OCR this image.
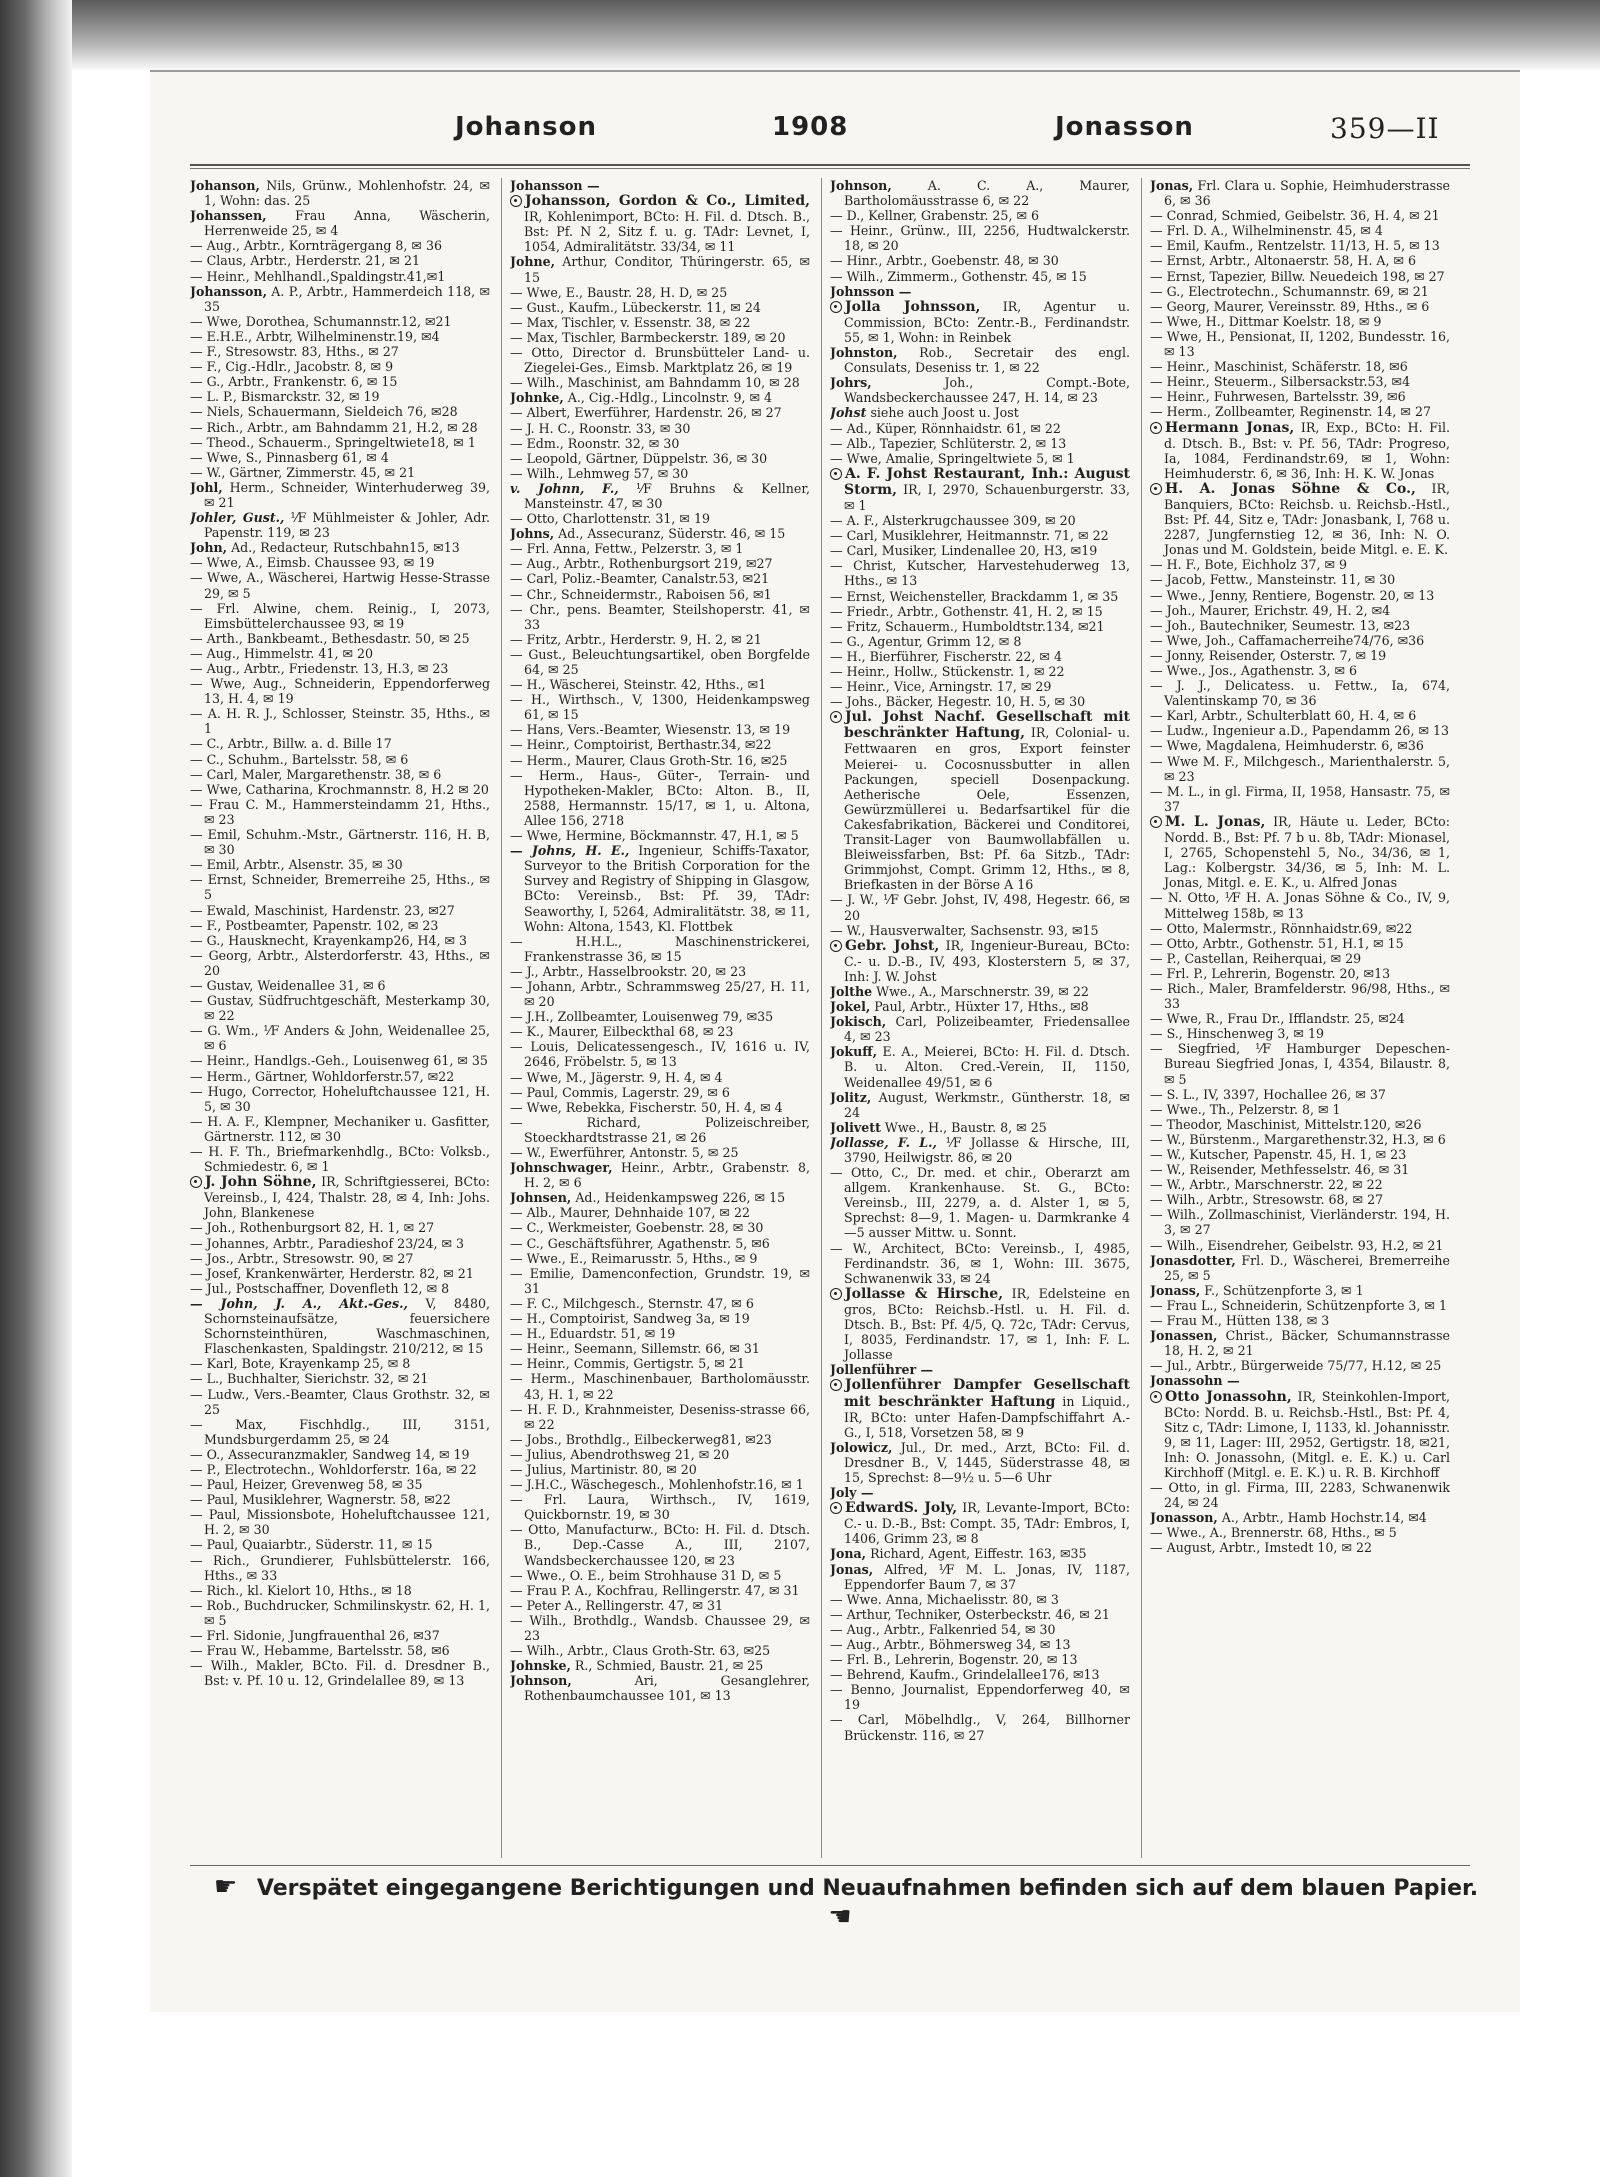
Johanson	1908	Jonasson	359—II

Johanson, Nils, Grünw., Mohlenhofstr. 24, ✉ 1, Wohn: das. 25

Johanssen, Frau Anna, Wäscherin, Herrenweide 25, ✉ 4

— Aug., Arbtr., Kornträgergang 8, ✉ 36

— Claus, Arbtr., Herderstr. 21, ✉ 21

— Heinr., Mehlhandl.,Spaldingstr.41,✉1

Johansson, A. P., Arbtr., Hammerdeich 118, ✉ 35

— Wwe, Dorothea, Schumannstr.12, ✉21

— E.H.E., Arbtr, Wilhelminenstr.19, ✉4

— F., Stresowstr. 83, Hths., ✉ 27

— F., Cig.-Hdlr., Jacobstr. 8, ✉ 9

— G., Arbtr., Frankenstr. 6, ✉ 15

— L. P., Bismarckstr. 32, ✉ 19

— Niels, Schauermann, Sieldeich 76, ✉28

— Rich., Arbtr., am Bahndamm 21, H.2, ✉ 28

— Theod., Schauerm., Springeltwiete18, ✉ 1

— Wwe, S., Pinnasberg 61, ✉ 4

— W., Gärtner, Zimmerstr. 45, ✉ 21

Johl, Herm., Schneider, Winterhuderweg 39, ✉ 21

Johler, Gust., ⅟F Mühlmeister & Johler, Adr. Papenstr. 119, ✉ 23

John, Ad., Redacteur, Rutschbahn15, ✉13

— Wwe, A., Eimsb. Chaussee 93, ✉ 19

— Wwe, A., Wäscherei, Hartwig Hesse-Strasse 29, ✉ 5

— Frl. Alwine, chem. Reinig., I, 2073, Eimsbüttelerchaussee 93, ✉ 19

— Arth., Bankbeamt., Bethesdastr. 50, ✉ 25

— Aug., Himmelstr. 41, ✉ 20

— Aug., Arbtr., Friedenstr. 13, H.3, ✉ 23

— Wwe, Aug., Schneiderin, Eppendorferweg 13, H. 4, ✉ 19

— A. H. R. J., Schlosser, Steinstr. 35, Hths., ✉ 1

— C., Arbtr., Billw. a. d. Bille 17

— C., Schuhm., Bartelsstr. 58, ✉ 6

— Carl, Maler, Margarethenstr. 38, ✉ 6

— Wwe, Catharina, Krochmannstr. 8, H.2 ✉ 20

— Frau C. M., Hammersteindamm 21, Hths., ✉ 23

— Emil, Schuhm.-Mstr., Gärtnerstr. 116, H. B, ✉ 30

— Emil, Arbtr., Alsenstr. 35, ✉ 30

— Ernst, Schneider, Bremerreihe 25, Hths., ✉ 5

— Ewald, Maschinist, Hardenstr. 23, ✉27

— F., Postbeamter, Papenstr. 102, ✉ 23

— G., Hausknecht, Krayenkamp26, H4, ✉ 3

— Georg, Arbtr., Alsterdorferstr. 43, Hths., ✉ 20

— Gustav, Weidenallee 31, ✉ 6

— Gustav, Südfruchtgeschäft, Mesterkamp 30, ✉ 22

— G. Wm., ⅟F Anders & John, Weidenallee 25, ✉ 6

— Heinr., Handlgs.-Geh., Louisenweg 61, ✉ 35

— Herm., Gärtner, Wohldorferstr.57, ✉22

— Hugo, Corrector, Hoheluftchaussee 121, H. 5, ✉ 30

— H. A. F., Klempner, Mechaniker u. Gasfitter, Gärtnerstr. 112, ✉ 30

— H. F. Th., Briefmarkenhdlg., BCto: Volksb., Schmiedestr. 6, ✉ 1

J. John Söhne, IR, Schriftgiesserei, BCto: Vereinsb., I, 424, Thalstr. 28, ✉ 4, Inh: Johs. John, Blankenese

— Joh., Rothenburgsort 82, H. 1, ✉ 27

— Johannes, Arbtr., Paradieshof 23/24, ✉ 3

— Jos., Arbtr., Stresowstr. 90, ✉ 27

— Josef, Krankenwärter, Herderstr. 82, ✉ 21

— Jul., Postschaffner, Dovenfleth 12, ✉ 8

— John, J. A., Akt.-Ges., V, 8480, Schornsteinaufsätze, feuersichere Schornsteinthüren, Waschmaschinen, Flaschenkasten, Spaldingstr. 210/212, ✉ 15

— Karl, Bote, Krayenkamp 25, ✉ 8

— L., Buchhalter, Sierichstr. 32, ✉ 21

— Ludw., Vers.-Beamter, Claus Grothstr. 32, ✉ 25

— Max, Fischhdlg., III, 3151, Mundsburgerdamm 25, ✉ 24

— O., Assecuranzmakler, Sandweg 14, ✉ 19

— P., Electrotechn., Wohldorferstr. 16a, ✉ 22

— Paul, Heizer, Grevenweg 58, ✉ 35

— Paul, Musiklehrer, Wagnerstr. 58, ✉22

— Paul, Missionsbote, Hoheluftchaussee 121, H. 2, ✉ 30

— Paul, Quaiarbtr., Süderstr. 11, ✉ 15

— Rich., Grundierer, Fuhlsbüttelerstr. 166, Hths., ✉ 33

— Rich., kl. Kielort 10, Hths., ✉ 18

— Rob., Buchdrucker, Schmilinskystr. 62, H. 1, ✉ 5

— Frl. Sidonie, Jungfrauenthal 26, ✉37

— Frau W., Hebamme, Bartelsstr. 58, ✉6

— Wilh., Makler, BCto. Fil. d. Dresdner B., Bst: v. Pf. 10 u. 12, Grindelallee 89, ✉ 13

Johansson —

Johansson, Gordon & Co., Limited, IR, Kohlenimport, BCto: H. Fil. d. Dtsch. B., Bst: Pf. N 2, Sitz f. u. g. TAdr: Levnet, I, 1054, Admiralitätstr. 33/34, ✉ 11

Johne, Arthur, Conditor, Thüringerstr. 65, ✉ 15

— Wwe, E., Baustr. 28, H. D, ✉ 25

— Gust., Kaufm., Lübeckerstr. 11, ✉ 24

— Max, Tischler, v. Essenstr. 38, ✉ 22

— Max, Tischler, Barmbeckerstr. 189, ✉ 20

— Otto, Director d. Brunsbütteler Land- u. Ziegelei-Ges., Eimsb. Marktplatz 26, ✉ 19

— Wilh., Maschinist, am Bahndamm 10, ✉ 28

Johnke, A., Cig.-Hdlg., Lincolnstr. 9, ✉ 4

— Albert, Ewerführer, Hardenstr. 26, ✉ 27

— J. H. C., Roonstr. 33, ✉ 30

— Edm., Roonstr. 32, ✉ 30

— Leopold, Gärtner, Düppelstr. 36, ✉ 30

— Wilh., Lehmweg 57, ✉ 30

v. Johnn, F., ⅟F Bruhns & Kellner, Mansteinstr. 47, ✉ 30

— Otto, Charlottenstr. 31, ✉ 19

Johns, Ad., Assecuranz, Süderstr. 46, ✉ 15

— Frl. Anna, Fettw., Pelzerstr. 3, ✉ 1

— Aug., Arbtr., Rothenburgsort 219, ✉27

— Carl, Poliz.-Beamter, Canalstr.53, ✉21

— Chr., Schneidermstr., Raboisen 56, ✉1

— Chr., pens. Beamter, Steilshoperstr. 41, ✉ 33

— Fritz, Arbtr., Herderstr. 9, H. 2, ✉ 21

— Gust., Beleuchtungsartikel, oben Borgfelde 64, ✉ 25

— H., Wäscherei, Steinstr. 42, Hths., ✉1

— H., Wirthsch., V, 1300, Heidenkampsweg 61, ✉ 15

— Hans, Vers.-Beamter, Wiesenstr. 13, ✉ 19

— Heinr., Comptoirist, Berthastr.34, ✉22

— Herm., Maurer, Claus Groth-Str. 16, ✉25

— Herm., Haus-, Güter-, Terrain- und Hypotheken-Makler, BCto: Alton. B., II, 2588, Hermannstr. 15/17, ✉ 1, u. Altona, Allee 156, 2718

— Wwe, Hermine, Böckmannstr. 47, H.1, ✉ 5

— Johns, H. E., Ingenieur, Schiffs-Taxator, Surveyor to the British Corporation for the Survey and Registry of Shipping in Glasgow, BCto: Vereinsb., Bst: Pf. 39, TAdr: Seaworthy, I, 5264, Admiralitätstr. 38, ✉ 11, Wohn: Altona, 1543, Kl. Flottbek

— H.H.L., Maschinenstrickerei, Frankenstrasse 36, ✉ 15

— J., Arbtr., Hasselbrookstr. 20, ✉ 23

— Johann, Arbtr., Schrammsweg 25/27, H. 11, ✉ 20

— J.H., Zollbeamter, Louisenweg 79, ✉35

— K., Maurer, Eilbeckthal 68, ✉ 23

— Louis, Delicatessengesch., IV, 1616 u. IV, 2646, Fröbelstr. 5, ✉ 13

— Wwe, M., Jägerstr. 9, H. 4, ✉ 4

— Paul, Commis, Lagerstr. 29, ✉ 6

— Wwe, Rebekka, Fischerstr. 50, H. 4, ✉ 4

— Richard, Polizeischreiber, Stoeckhardtstrasse 21, ✉ 26

— W., Ewerführer, Antonstr. 5, ✉ 25

Johnschwager, Heinr., Arbtr., Grabenstr. 8, H. 2, ✉ 6

Johnsen, Ad., Heidenkampsweg 226, ✉ 15

— Alb., Maurer, Dehnhaide 107, ✉ 22

— C., Werkmeister, Goebenstr. 28, ✉ 30

— C., Geschäftsführer, Agathenstr. 5, ✉6

— Wwe., E., Reimarusstr. 5, Hths., ✉ 9

— Emilie, Damenconfection, Grundstr. 19, ✉ 31

— F. C., Milchgesch., Sternstr. 47, ✉ 6

— H., Comptoirist, Sandweg 3a, ✉ 19

— H., Eduardstr. 51, ✉ 19

— Heinr., Seemann, Sillemstr. 66, ✉ 31

— Heinr., Commis, Gertigstr. 5, ✉ 21

— Herm., Maschinenbauer, Bartholomäusstr. 43, H. 1, ✉ 22

— H. F. D., Krahnmeister, Deseniss-strasse 66, ✉ 22

— Jobs., Brothdlg., Eilbeckerweg81, ✉23

— Julius, Abendrothsweg 21, ✉ 20

— Julius, Martinistr. 80, ✉ 20

— J.H.C., Wäschegesch., Mohlenhofstr.16, ✉ 1

— Frl. Laura, Wirthsch., IV, 1619, Quickbornstr. 19, ✉ 30

— Otto, Manufacturw., BCto: H. Fil. d. Dtsch. B., Dep.-Casse A., III, 2107, Wandsbeckerchaussee 120, ✉ 23

— Wwe., O. E., beim Strohhause 31 D, ✉ 5

— Frau P. A., Kochfrau, Rellingerstr. 47, ✉ 31

— Peter A., Rellingerstr. 47, ✉ 31

— Wilh., Brothdlg., Wandsb. Chaussee 29, ✉ 23

— Wilh., Arbtr., Claus Groth-Str. 63, ✉25

Johnske, R., Schmied, Baustr. 21, ✉ 25

Johnson, Ari, Gesanglehrer, Rothenbaumchaussee 101, ✉ 13

Johnson, A. C. A., Maurer, Bartholomäusstrasse 6, ✉ 22

— D., Kellner, Grabenstr. 25, ✉ 6

— Heinr., Grünw., III, 2256, Hudtwalckerstr. 18, ✉ 20

— Hinr., Arbtr., Goebenstr. 48, ✉ 30

— Wilh., Zimmerm., Gothenstr. 45, ✉ 15

Johnsson —

Jolla Johnsson, IR, Agentur u. Commission, BCto: Zentr.-B., Ferdinandstr. 55, ✉ 1, Wohn: in Reinbek

Johnston, Rob., Secretair des engl. Consulats, Deseniss tr. 1, ✉ 22

Johrs, Joh., Compt.-Bote, Wandsbeckerchaussee 247, H. 14, ✉ 23

Johst siehe auch Joost u. Jost

— Ad., Küper, Rönnhaidstr. 61, ✉ 22

— Alb., Tapezier, Schlüterstr. 2, ✉ 13

— Wwe, Amalie, Springeltwiete 5, ✉ 1

A. F. Johst Restaurant, Inh.: August Storm, IR, I, 2970, Schauenburgerstr. 33, ✉ 1

— A. F., Alsterkrugchaussee 309, ✉ 20

— Carl, Musiklehrer, Heitmannstr. 71, ✉ 22

— Carl, Musiker, Lindenallee 20, H3, ✉19

— Christ, Kutscher, Harvestehuderweg 13, Hths., ✉ 13

— Ernst, Weichensteller, Brackdamm 1, ✉ 35

— Friedr., Arbtr., Gothenstr. 41, H. 2, ✉ 15

— Fritz, Schauerm., Humboldtstr.134, ✉21

— G., Agentur, Grimm 12, ✉ 8

— H., Bierführer, Fischerstr. 22, ✉ 4

— Heinr., Hollw., Stückenstr. 1, ✉ 22

— Heinr., Vice, Arningstr. 17, ✉ 29

— Johs., Bäcker, Hegestr. 10, H. 5, ✉ 30

Jul. Johst Nachf. Gesellschaft mit beschränkter Haftung, IR, Colonial- u. Fettwaaren en gros, Export feinster Meierei- u. Cocosnussbutter in allen Packungen, speciell Dosenpackung. Aetherische Oele, Essenzen, Gewürzmüllerei u. Bedarfsartikel für die Cakesfabrikation, Bäckerei und Conditorei, Transit-Lager von Baumwollabfällen u. Bleiweissfarben, Bst: Pf. 6a Sitzb., TAdr: Grimmjohst, Compt. Grimm 12, Hths., ✉ 8, Briefkasten in der Börse A 16

— J. W., ⅟F Gebr. Johst, IV, 498, Hegestr. 66, ✉ 20

— W., Hausverwalter, Sachsenstr. 93, ✉15

Gebr. Johst, IR, Ingenieur-Bureau, BCto: C.- u. D.-B., IV, 493, Klosterstern 5, ✉ 37, Inh: J. W. Johst

Jolthe Wwe., A., Marschnerstr. 39, ✉ 22

Jokel, Paul, Arbtr., Hüxter 17, Hths., ✉8

Jokisch, Carl, Polizeibeamter, Friedensallee 4, ✉ 23

Jokuff, E. A., Meierei, BCto: H. Fil. d. Dtsch. B. u. Alton. Cred.-Verein, II, 1150, Weidenallee 49/51, ✉ 6

Jolitz, August, Werkmstr., Güntherstr. 18, ✉ 24

Jolivett Wwe., H., Baustr. 8, ✉ 25

Jollasse, F. L., ⅟F Jollasse & Hirsche, III, 3790, Heilwigstr. 86, ✉ 20

— Otto, C., Dr. med. et chir., Oberarzt am allgem. Krankenhause. St. G., BCto: Vereinsb., III, 2279, a. d. Alster 1, ✉ 5, Sprechst: 8—9, 1. Magen- u. Darmkranke 4—5 ausser Mittw. u. Sonnt.

— W., Architect, BCto: Vereinsb., I, 4985, Ferdinandstr. 36, ✉ 1, Wohn: III. 3675, Schwanenwik 33, ✉ 24

Jollasse & Hirsche, IR, Edelsteine en gros, BCto: Reichsb.-Hstl. u. H. Fil. d. Dtsch. B., Bst: Pf. 4/5, Q. 72c, TAdr: Cervus, I, 8035, Ferdinandstr. 17, ✉ 1, Inh: F. L. Jollasse

Jollenführer —

Jollenführer Dampfer Gesellschaft mit beschränkter Haftung in Liquid., IR, BCto: unter Hafen-Dampfschiffahrt A.-G., I, 518, Vorsetzen 58, ✉ 9

Jolowicz, Jul., Dr. med., Arzt, BCto: Fil. d. Dresdner B., V, 1445, Süderstrasse 48, ✉ 15, Sprechst: 8—9½ u. 5—6 Uhr

Joly —

EdwardS. Joly, IR, Levante-Import, BCto: C.- u. D.-B., Bst: Compt. 35, TAdr: Embros, I, 1406, Grimm 23, ✉ 8

Jona, Richard, Agent, Eiffestr. 163, ✉35

Jonas, Alfred, ⅟F M. L. Jonas, IV, 1187, Eppendorfer Baum 7, ✉ 37

— Wwe. Anna, Michaelisstr. 80, ✉ 3

— Arthur, Techniker, Osterbeckstr. 46, ✉ 21

— Aug., Arbtr., Falkenried 54, ✉ 30

— Aug., Arbtr., Böhmersweg 34, ✉ 13

— Frl. B., Lehrerin, Bogenstr. 20, ✉ 13

— Behrend, Kaufm., Grindelallee176, ✉13

— Benno, Journalist, Eppendorferweg 40, ✉ 19

— Carl, Möbelhdlg., V, 264, Billhorner Brückenstr. 116, ✉ 27

Jonas, Frl. Clara u. Sophie, Heimhuderstrasse 6, ✉ 36

— Conrad, Schmied, Geibelstr. 36, H. 4, ✉ 21

— Frl. D. A., Wilhelminenstr. 45, ✉ 4

— Emil, Kaufm., Rentzelstr. 11/13, H. 5, ✉ 13

— Ernst, Arbtr., Altonaerstr. 58, H. A, ✉ 6

— Ernst, Tapezier, Billw. Neuedeich 198, ✉ 27

— G., Electrotechn., Schumannstr. 69, ✉ 21

— Georg, Maurer, Vereinsstr. 89, Hths., ✉ 6

— Wwe, H., Dittmar Koelstr. 18, ✉ 9

— Wwe, H., Pensionat, II, 1202, Bundesstr. 16, ✉ 13

— Heinr., Maschinist, Schäferstr. 18, ✉6

— Heinr., Steuerm., Silbersackstr.53, ✉4

— Heinr., Fuhrwesen, Bartelsstr. 39, ✉6

— Herm., Zollbeamter, Reginenstr. 14, ✉ 27

Hermann Jonas, IR, Exp., BCto: H. Fil. d. Dtsch. B., Bst: v. Pf. 56, TAdr: Progreso, Ia, 1084, Ferdinandstr.69, ✉ 1, Wohn: Heimhuderstr. 6, ✉ 36, Inh: H. K. W. Jonas

H. A. Jonas Söhne & Co., IR, Banquiers, BCto: Reichsb. u. Reichsb.-Hstl., Bst: Pf. 44, Sitz e, TAdr: Jonasbank, I, 768 u. 2287, Jungfernstieg 12, ✉ 36, Inh: N. O. Jonas und M. Goldstein, beide Mitgl. e. E. K.

— H. F., Bote, Eichholz 37, ✉ 9

— Jacob, Fettw., Mansteinstr. 11, ✉ 30

— Wwe., Jenny, Rentiere, Bogenstr. 20, ✉ 13

— Joh., Maurer, Erichstr. 49, H. 2, ✉4

— Joh., Bautechniker, Seumestr. 13, ✉23

— Wwe, Joh., Caffamacherreihe74/76, ✉36

— Jonny, Reisender, Osterstr. 7, ✉ 19

— Wwe., Jos., Agathenstr. 3, ✉ 6

— J. J., Delicatess. u. Fettw., Ia, 674, Valentinskamp 70, ✉ 36

— Karl, Arbtr., Schulterblatt 60, H. 4, ✉ 6

— Ludw., Ingenieur a.D., Papendamm 26, ✉ 13

— Wwe, Magdalena, Heimhuderstr. 6, ✉36

— Wwe M. F., Milchgesch., Marienthalerstr. 5, ✉ 23

— M. L., in gl. Firma, II, 1958, Hansastr. 75, ✉ 37

M. L. Jonas, IR, Häute u. Leder, BCto: Nordd. B., Bst: Pf. 7 b u. 8b, TAdr: Mionasel, I, 2765, Schopenstehl 5, No., 34/36, ✉ 1, Lag.: Kolbergstr. 34/36, ✉ 5, Inh: M. L. Jonas, Mitgl. e. E. K., u. Alfred Jonas

— N. Otto, ⅟F H. A. Jonas Söhne & Co., IV, 9, Mittelweg 158b, ✉ 13

— Otto, Malermstr., Rönnhaidstr.69, ✉22

— Otto, Arbtr., Gothenstr. 51, H.1, ✉ 15

— P., Castellan, Reiherquai, ✉ 29

— Frl. P., Lehrerin, Bogenstr. 20, ✉13

— Rich., Maler, Bramfelderstr. 96/98, Hths., ✉ 33

— Wwe, R., Frau Dr., Ifflandstr. 25, ✉24

— S., Hinschenweg 3, ✉ 19

— Siegfried, ⅟F Hamburger Depeschen-Bureau Siegfried Jonas, I, 4354, Bilaustr. 8, ✉ 5

— S. L., IV, 3397, Hochallee 26, ✉ 37

— Wwe., Th., Pelzerstr. 8, ✉ 1

— Theodor, Maschinist, Mittelstr.120, ✉26

— W., Bürstenm., Margarethenstr.32, H.3, ✉ 6

— W., Kutscher, Papenstr. 45, H. 1, ✉ 23

— W., Reisender, Methfesselstr. 46, ✉ 31

— W., Arbtr., Marschnerstr. 22, ✉ 22

— Wilh., Arbtr., Stresowstr. 68, ✉ 27

— Wilh., Zollmaschinist, Vierländerstr. 194, H. 3, ✉ 27

— Wilh., Eisendreher, Geibelstr. 93, H.2, ✉ 21

Jonasdotter, Frl. D., Wäscherei, Bremerreihe 25, ✉ 5

Jonass, F., Schützenpforte 3, ✉ 1

— Frau L., Schneiderin, Schützenpforte 3, ✉ 1

— Frau M., Hütten 138, ✉ 3

Jonassen, Christ., Bäcker, Schumannstrasse 18, H. 2, ✉ 21

— Jul., Arbtr., Bürgerweide 75/77, H.12, ✉ 25

Jonassohn —

Otto Jonassohn, IR, Steinkohlen-Import, BCto: Nordd. B. u. Reichsb.-Hstl., Bst: Pf. 4, Sitz c, TAdr: Limone, I, 1133, kl. Johannisstr. 9, ✉ 11, Lager: III, 2952, Gertigstr. 18, ✉21, Inh: O. Jonassohn, (Mitgl. e. E. K.) u. Carl Kirchhoff (Mitgl. e. E. K.) u. R. B. Kirchhoff

— Otto, in gl. Firma, III, 2283, Schwanenwik 24, ✉ 24

Jonasson, A., Arbtr., Hamb Hochstr.14, ✉4

— Wwe., A., Brennerstr. 68, Hths., ✉ 5

— August, Arbtr., Imstedt 10, ✉ 22

☛ Verspätet eingegangene Berichtigungen und Neuaufnahmen befinden sich auf dem blauen Papier. ☚
